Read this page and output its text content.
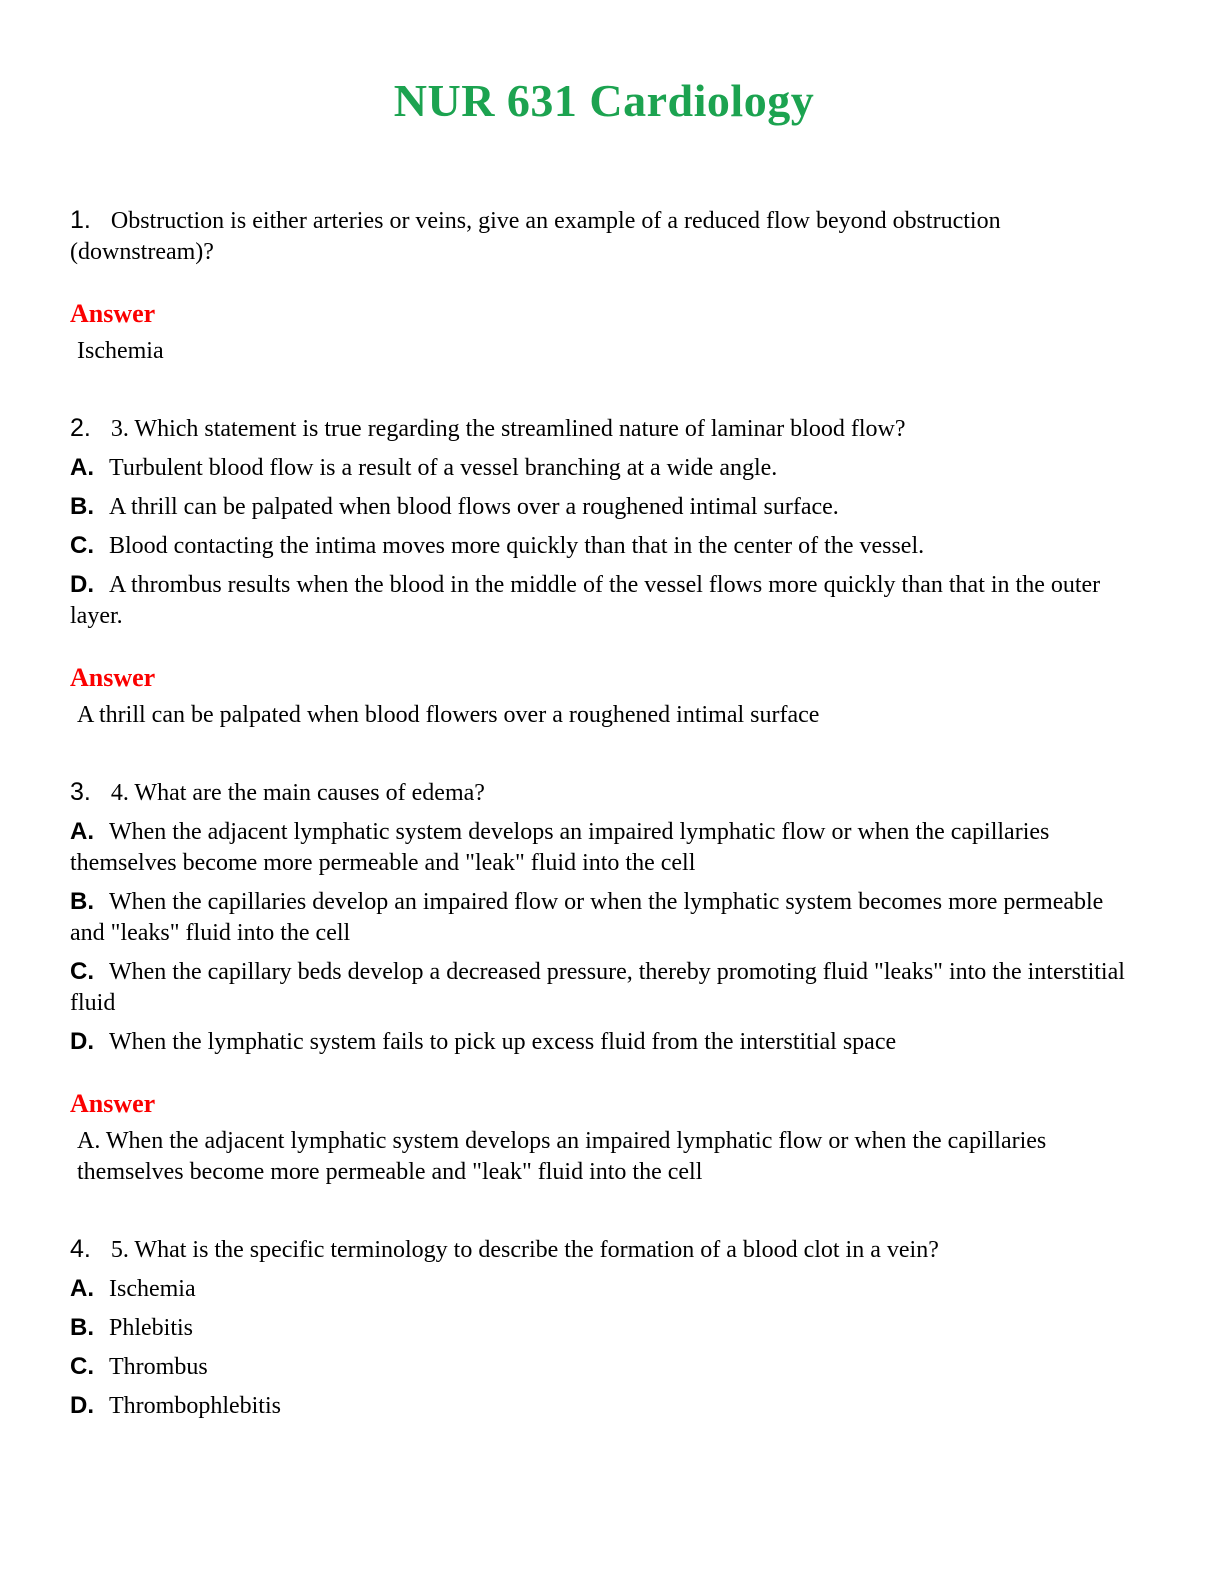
NUR 631 Cardiology

1. Obstruction is either arteries or veins, give an example of a reduced flow beyond obstruction (downstream)?

Answer

Ischemia

2. 3. Which statement is true regarding the streamlined nature of laminar blood flow?

A. Turbulent blood flow is a result of a vessel branching at a wide angle.

B. A thrill can be palpated when blood flows over a roughened intimal surface.

C. Blood contacting the intima moves more quickly than that in the center of the vessel.

D. A thrombus results when the blood in the middle of the vessel flows more quickly than that in the outer layer.

Answer

A thrill can be palpated when blood flowers over a roughened intimal surface

3. 4. What are the main causes of edema?

A. When the adjacent lymphatic system develops an impaired lymphatic flow or when the capillaries themselves become more permeable and "leak" fluid into the cell

B. When the capillaries develop an impaired flow or when the lymphatic system becomes more permeable and "leaks" fluid into the cell

C. When the capillary beds develop a decreased pressure, thereby promoting fluid "leaks" into the interstitial fluid

D. When the lymphatic system fails to pick up excess fluid from the interstitial space

Answer

A. When the adjacent lymphatic system develops an impaired lymphatic flow or when the capillaries themselves become more permeable and "leak" fluid into the cell

4. 5. What is the specific terminology to describe the formation of a blood clot in a vein?

A. Ischemia

B. Phlebitis

C. Thrombus

D. Thrombophlebitis
